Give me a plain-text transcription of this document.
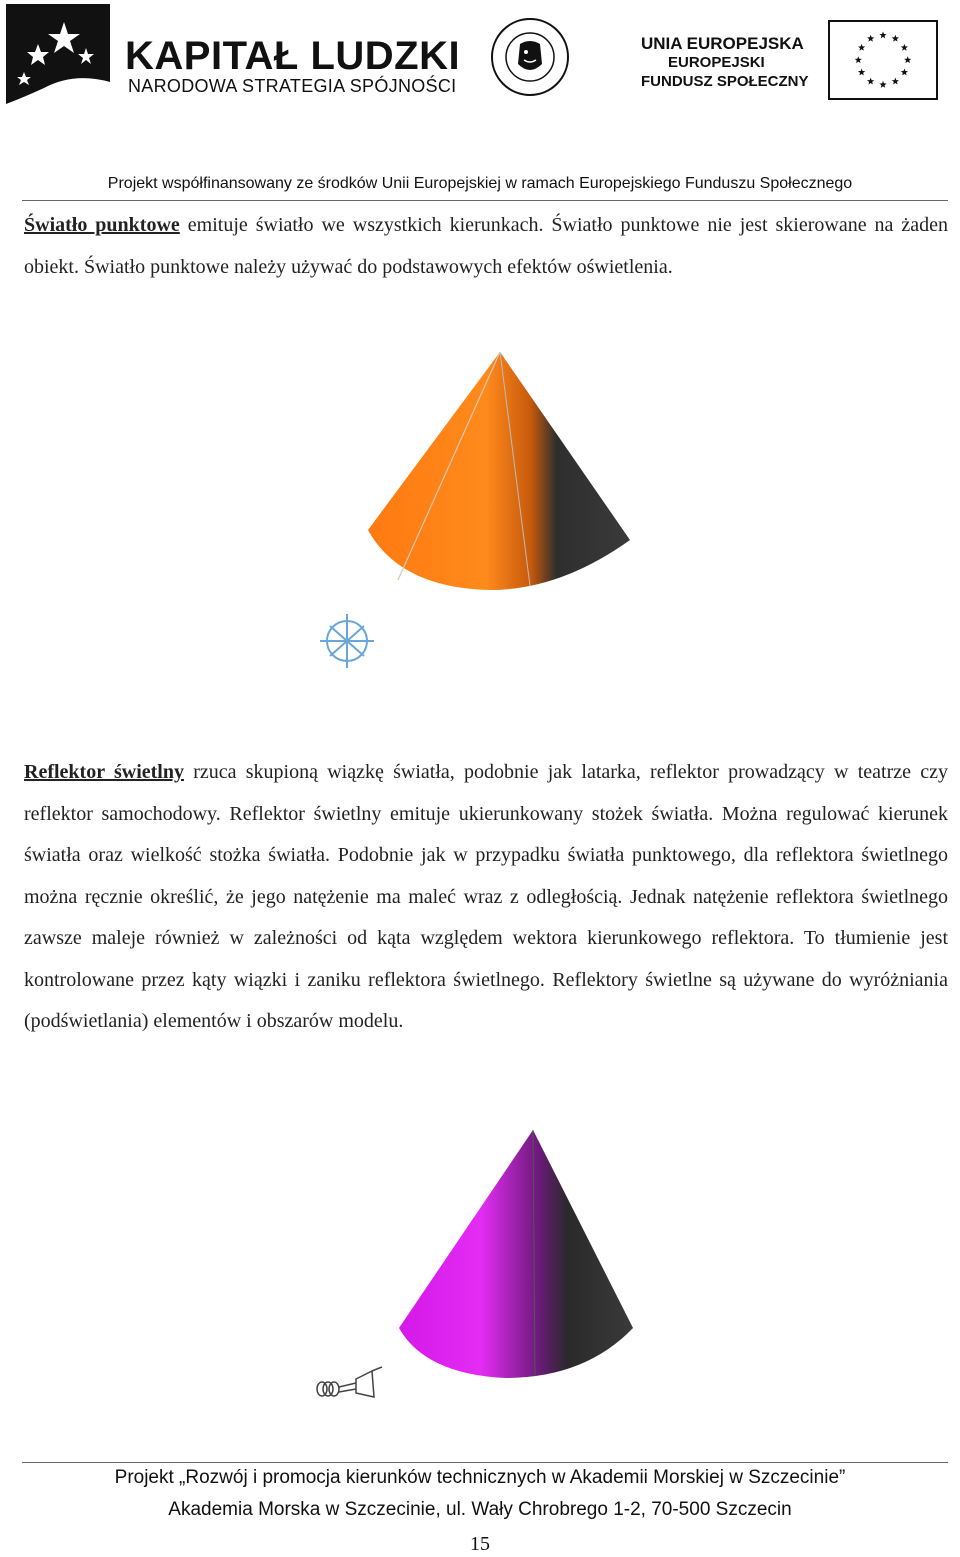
KAPITAŁ LUDZKI
NARODOWA STRATEGIA SPÓJNOŚCI
UNIA EUROPEJSKA
EUROPEJSKI
FUNDUSZ SPOŁECZNY
Projekt współfinansowany ze środków Unii Europejskiej w ramach Europejskiego Funduszu Społecznego
Światło punktowe emituje światło we wszystkich kierunkach. Światło punktowe nie jest skierowane na żaden obiekt. Światło punktowe należy używać do podstawowych efektów oświetlenia.
Reflektor świetlny rzuca skupioną wiązkę światła, podobnie jak latarka, reflektor prowadzący w teatrze czy reflektor samochodowy. Reflektor świetlny emituje ukierunkowany stożek światła. Można regulować kierunek światła oraz wielkość stożka światła. Podobnie jak w przypadku światła punktowego, dla reflektora świetlnego można ręcznie określić, że jego natężenie ma maleć wraz z odległością. Jednak natężenie reflektora świetlnego zawsze maleje również w zależności od kąta względem wektora kierunkowego reflektora. To tłumienie jest kontrolowane przez kąty wiązki i zaniku reflektora świetlnego. Reflektory świetlne są używane do wyróżniania (podświetlania) elementów i obszarów modelu.
Projekt „Rozwój i promocja kierunków technicznych w Akademii Morskiej w Szczecinie”
Akademia Morska w Szczecinie, ul. Wały Chrobrego 1-2, 70-500 Szczecin
15
